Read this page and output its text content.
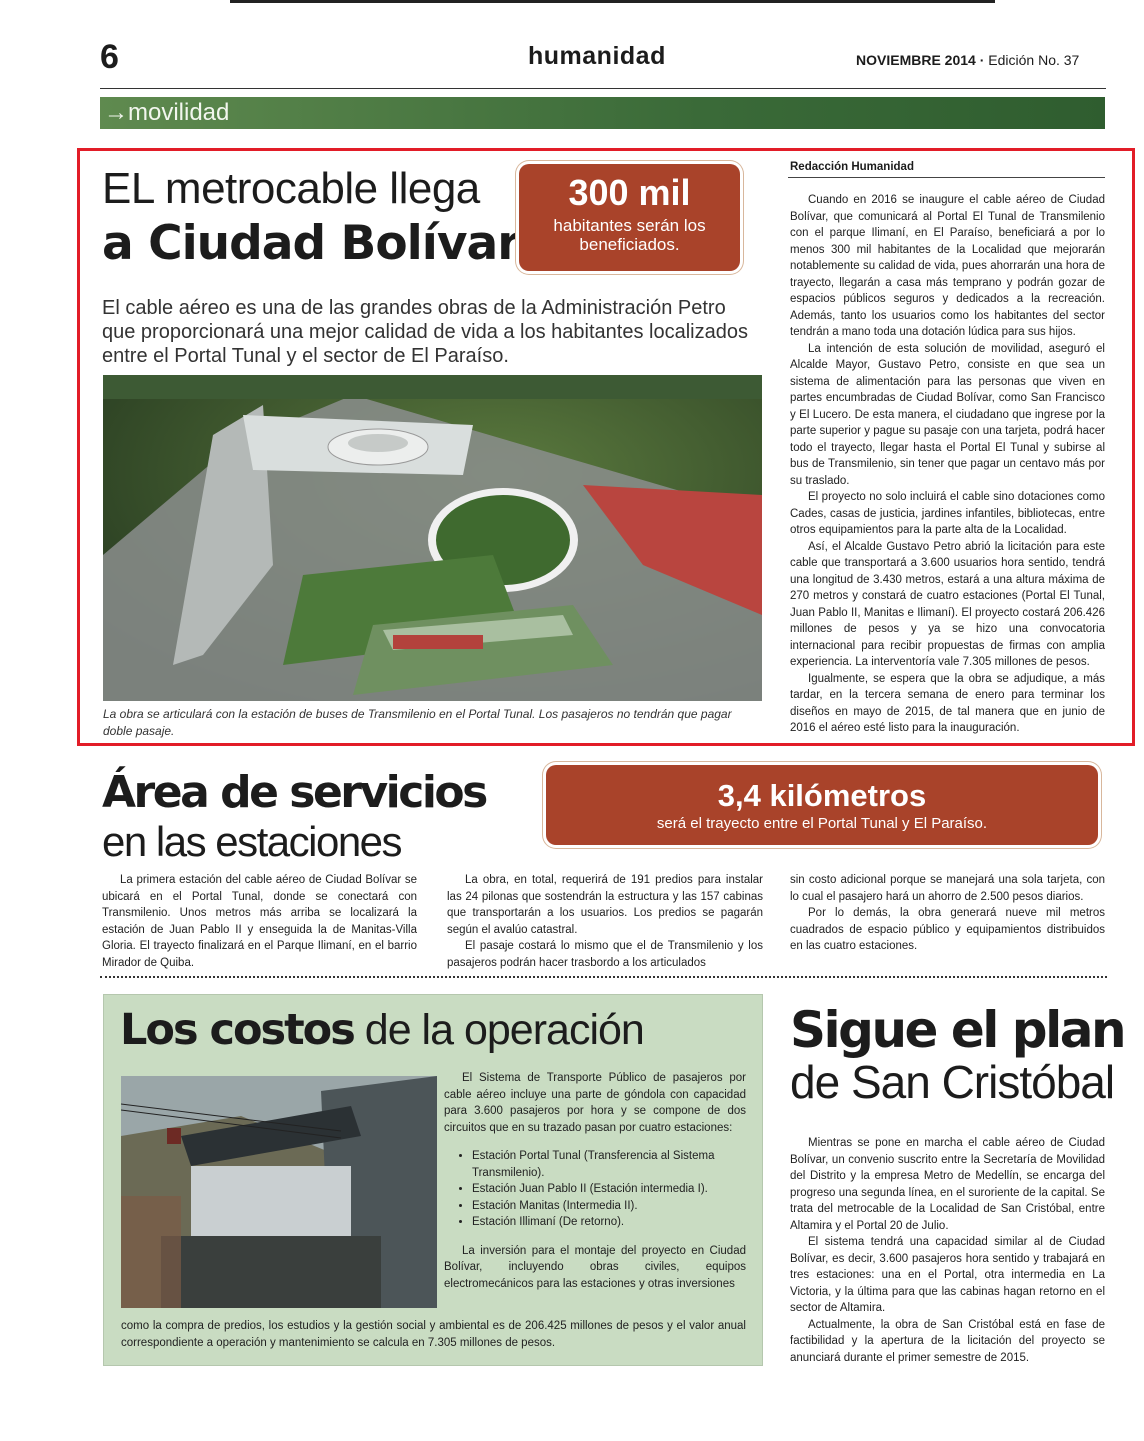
6	humanidad	NOVIEMBRE 2014 · Edición No. 37
→movilidad
EL metrocable llega
a Ciudad Bolívar
300 mil
habitantes serán los beneficiados.
El cable aéreo es una de las grandes obras de la Administración Petro que proporcionará una mejor calidad de vida a los habitantes localizados entre el Portal Tunal y el sector de El Paraíso.
La obra se articulará con la estación de buses de Transmilenio en el Portal Tunal. Los pasajeros no tendrán que pagar doble pasaje.
Redacción Humanidad

Cuando en 2016 se inaugure el cable aéreo de Ciudad Bolívar, que comunicará al Portal El Tunal de Transmilenio con el parque Ilimaní, en El Paraíso, beneficiará a por lo menos 300 mil habitantes de la Localidad que mejorarán notablemente su calidad de vida, pues ahorrarán una hora de trayecto, llegarán a casa más temprano y podrán gozar de espacios públicos seguros y dedicados a la recreación. Además, tanto los usuarios como los habitantes del sector tendrán a mano toda una dotación lúdica para sus hijos.

La intención de esta solución de movilidad, aseguró el Alcalde Mayor, Gustavo Petro, consiste en que sea un sistema de alimentación para las personas que viven en partes encumbradas de Ciudad Bolívar, como San Francisco y El Lucero. De esta manera, el ciudadano que ingrese por la parte superior y pague su pasaje con una tarjeta, podrá hacer todo el trayecto, llegar hasta el Portal El Tunal y subirse al bus de Transmilenio, sin tener que pagar un centavo más por su traslado.

El proyecto no solo incluirá el cable sino dotaciones como Cades, casas de justicia, jardines infantiles, bibliotecas, entre otros equipamientos para la parte alta de la Localidad.

Así, el Alcalde Gustavo Petro abrió la licitación para este cable que transportará a 3.600 usuarios hora sentido, tendrá una longitud de 3.430 metros, estará a una altura máxima de 270 metros y constará de cuatro estaciones (Portal El Tunal, Juan Pablo II, Manitas e Ilimaní). El proyecto costará 206.426 millones de pesos y ya se hizo una convocatoria internacional para recibir propuestas de firmas con amplia experiencia. La interventoría vale 7.305 millones de pesos.

Igualmente, se espera que la obra se adjudique, a más tardar, en la tercera semana de enero para terminar los diseños en mayo de 2015, de tal manera que en junio de 2016 el aéreo esté listo para la inauguración.

Área de servicios
en las estaciones
3,4 kilómetros
será el trayecto entre el Portal Tunal y El Paraíso.

La primera estación del cable aéreo de Ciudad Bolívar se ubicará en el Portal Tunal, donde se conectará con Transmilenio. Unos metros más arriba se localizará la estación de Juan Pablo II y enseguida la de Manitas-Villa Gloria. El trayecto finalizará en el Parque Ilimaní, en el barrio Mirador de Quiba.

La obra, en total, requerirá de 191 predios para instalar las 24 pilonas que sostendrán la estructura y las 157 cabinas que transportarán a los usuarios. Los predios se pagarán según el avalúo catastral.

El pasaje costará lo mismo que el de Transmilenio y los pasajeros podrán hacer trasbordo a los articulados

sin costo adicional porque se manejará una sola tarjeta, con lo cual el pasajero hará un ahorro de 2.500 pesos diarios.

Por lo demás, la obra generará nueve mil metros cuadrados de espacio público y equipamientos distribuidos en las cuatro estaciones.

Los costos de la operación

El Sistema de Transporte Público de pasajeros por cable aéreo incluye una parte de góndola con capacidad para 3.600 pasajeros por hora y se compone de dos circuitos que en su trazado pasan por cuatro estaciones:

• Estación Portal Tunal (Transferencia al Sistema Transmilenio).
• Estación Juan Pablo II (Estación intermedia I).
• Estación Manitas (Intermedia II).
• Estación Illimaní (De retorno).

La inversión para el montaje del proyecto en Ciudad Bolívar, incluyendo obras civiles, equipos electromecánicos para las estaciones y otras inversiones

como la compra de predios, los estudios y la gestión social y ambiental es de 206.425 millones de pesos y el valor anual correspondiente a operación y mantenimiento se calcula en 7.305 millones de pesos.

Sigue el plan
de San Cristóbal

Mientras se pone en marcha el cable aéreo de Ciudad Bolívar, un convenio suscrito entre la Secretaría de Movilidad del Distrito y la empresa Metro de Medellín, se encarga del progreso una segunda línea, en el suroriente de la capital. Se trata del metrocable de la Localidad de San Cristóbal, entre Altamira y el Portal 20 de Julio.

El sistema tendrá una capacidad similar al de Ciudad Bolívar, es decir, 3.600 pasajeros hora sentido y trabajará en tres estaciones: una en el Portal, otra intermedia en La Victoria, y la última para que las cabinas hagan retorno en el sector de Altamira.

Actualmente, la obra de San Cristóbal está en fase de factibilidad y la apertura de la licitación del proyecto se anunciará durante el primer semestre de 2015.
